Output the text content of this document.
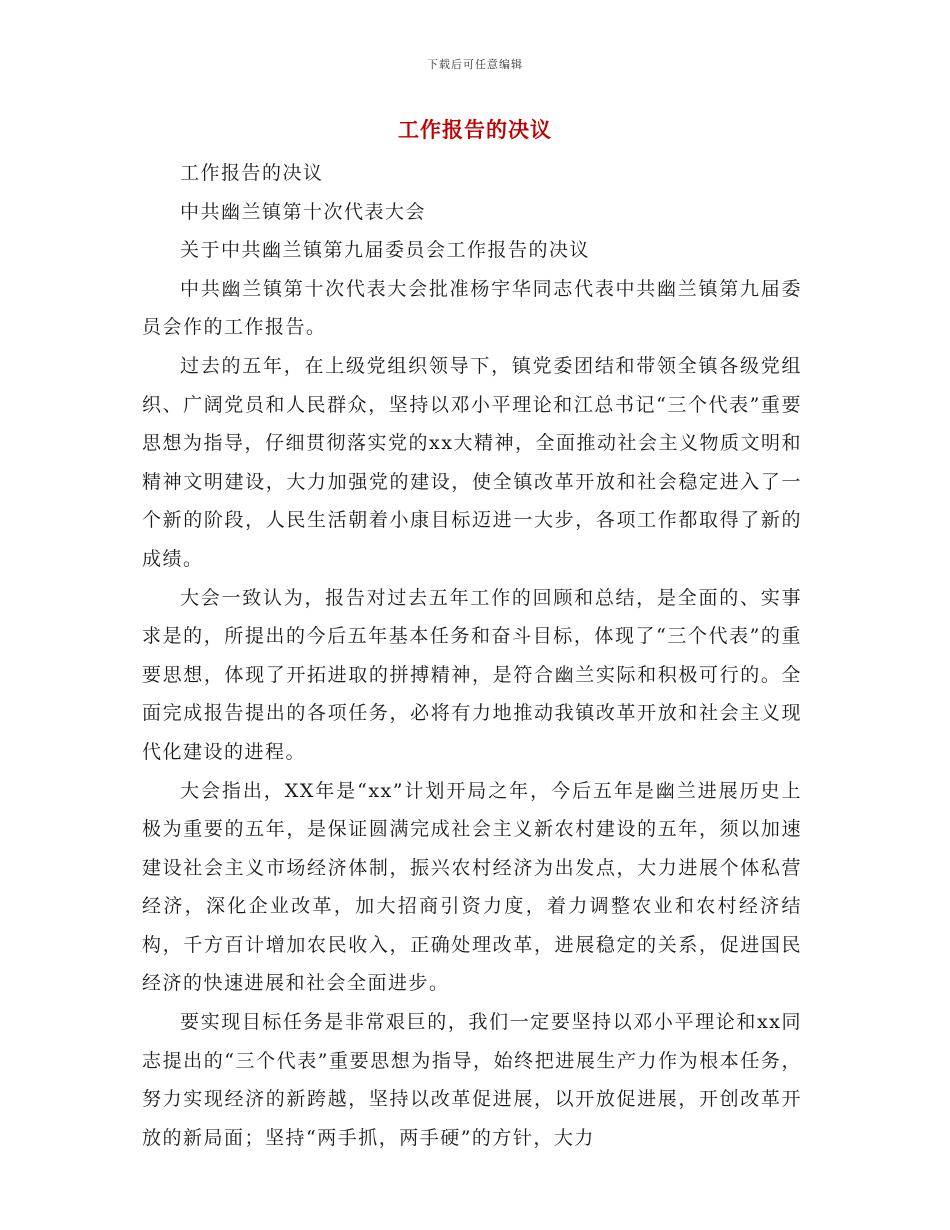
下载后可任意编辑
工作报告的决议

工作报告的决议

中共幽兰镇第十次代表大会

关于中共幽兰镇第九届委员会工作报告的决议

中共幽兰镇第十次代表大会批准杨宇华同志代表中共幽兰镇第九届委员会作的工作报告。

过去的五年，在上级党组织领导下，镇党委团结和带领全镇各级党组织、广阔党员和人民群众，坚持以邓小平理论和江总书记“三个代表”重要思想为指导，仔细贯彻落实党的xx大精神，全面推动社会主义物质文明和精神文明建设，大力加强党的建设，使全镇改革开放和社会稳定进入了一个新的阶段，人民生活朝着小康目标迈进一大步，各项工作都取得了新的成绩。

大会一致认为，报告对过去五年工作的回顾和总结，是全面的、实事求是的，所提出的今后五年基本任务和奋斗目标，体现了“三个代表”的重要思想，体现了开拓进取的拼搏精神，是符合幽兰实际和积极可行的。全面完成报告提出的各项任务，必将有力地推动我镇改革开放和社会主义现代化建设的进程。

大会指出，XX年是“xx”计划开局之年，今后五年是幽兰进展历史上极为重要的五年，是保证圆满完成社会主义新农村建设的五年，须以加速建设社会主义市场经济体制，振兴农村经济为出发点，大力进展个体私营经济，深化企业改革，加大招商引资力度，着力调整农业和农村经济结构，千方百计增加农民收入，正确处理改革，进展稳定的关系，促进国民经济的快速进展和社会全面进步。

要实现目标任务是非常艰巨的，我们一定要坚持以邓小平理论和xx同志提出的“三个代表”重要思想为指导，始终把进展生产力作为根本任务，努力实现经济的新跨越，坚持以改革促进展，以开放促进展，开创改革开放的新局面；坚持“两手抓，两手硬”的方针，大力
